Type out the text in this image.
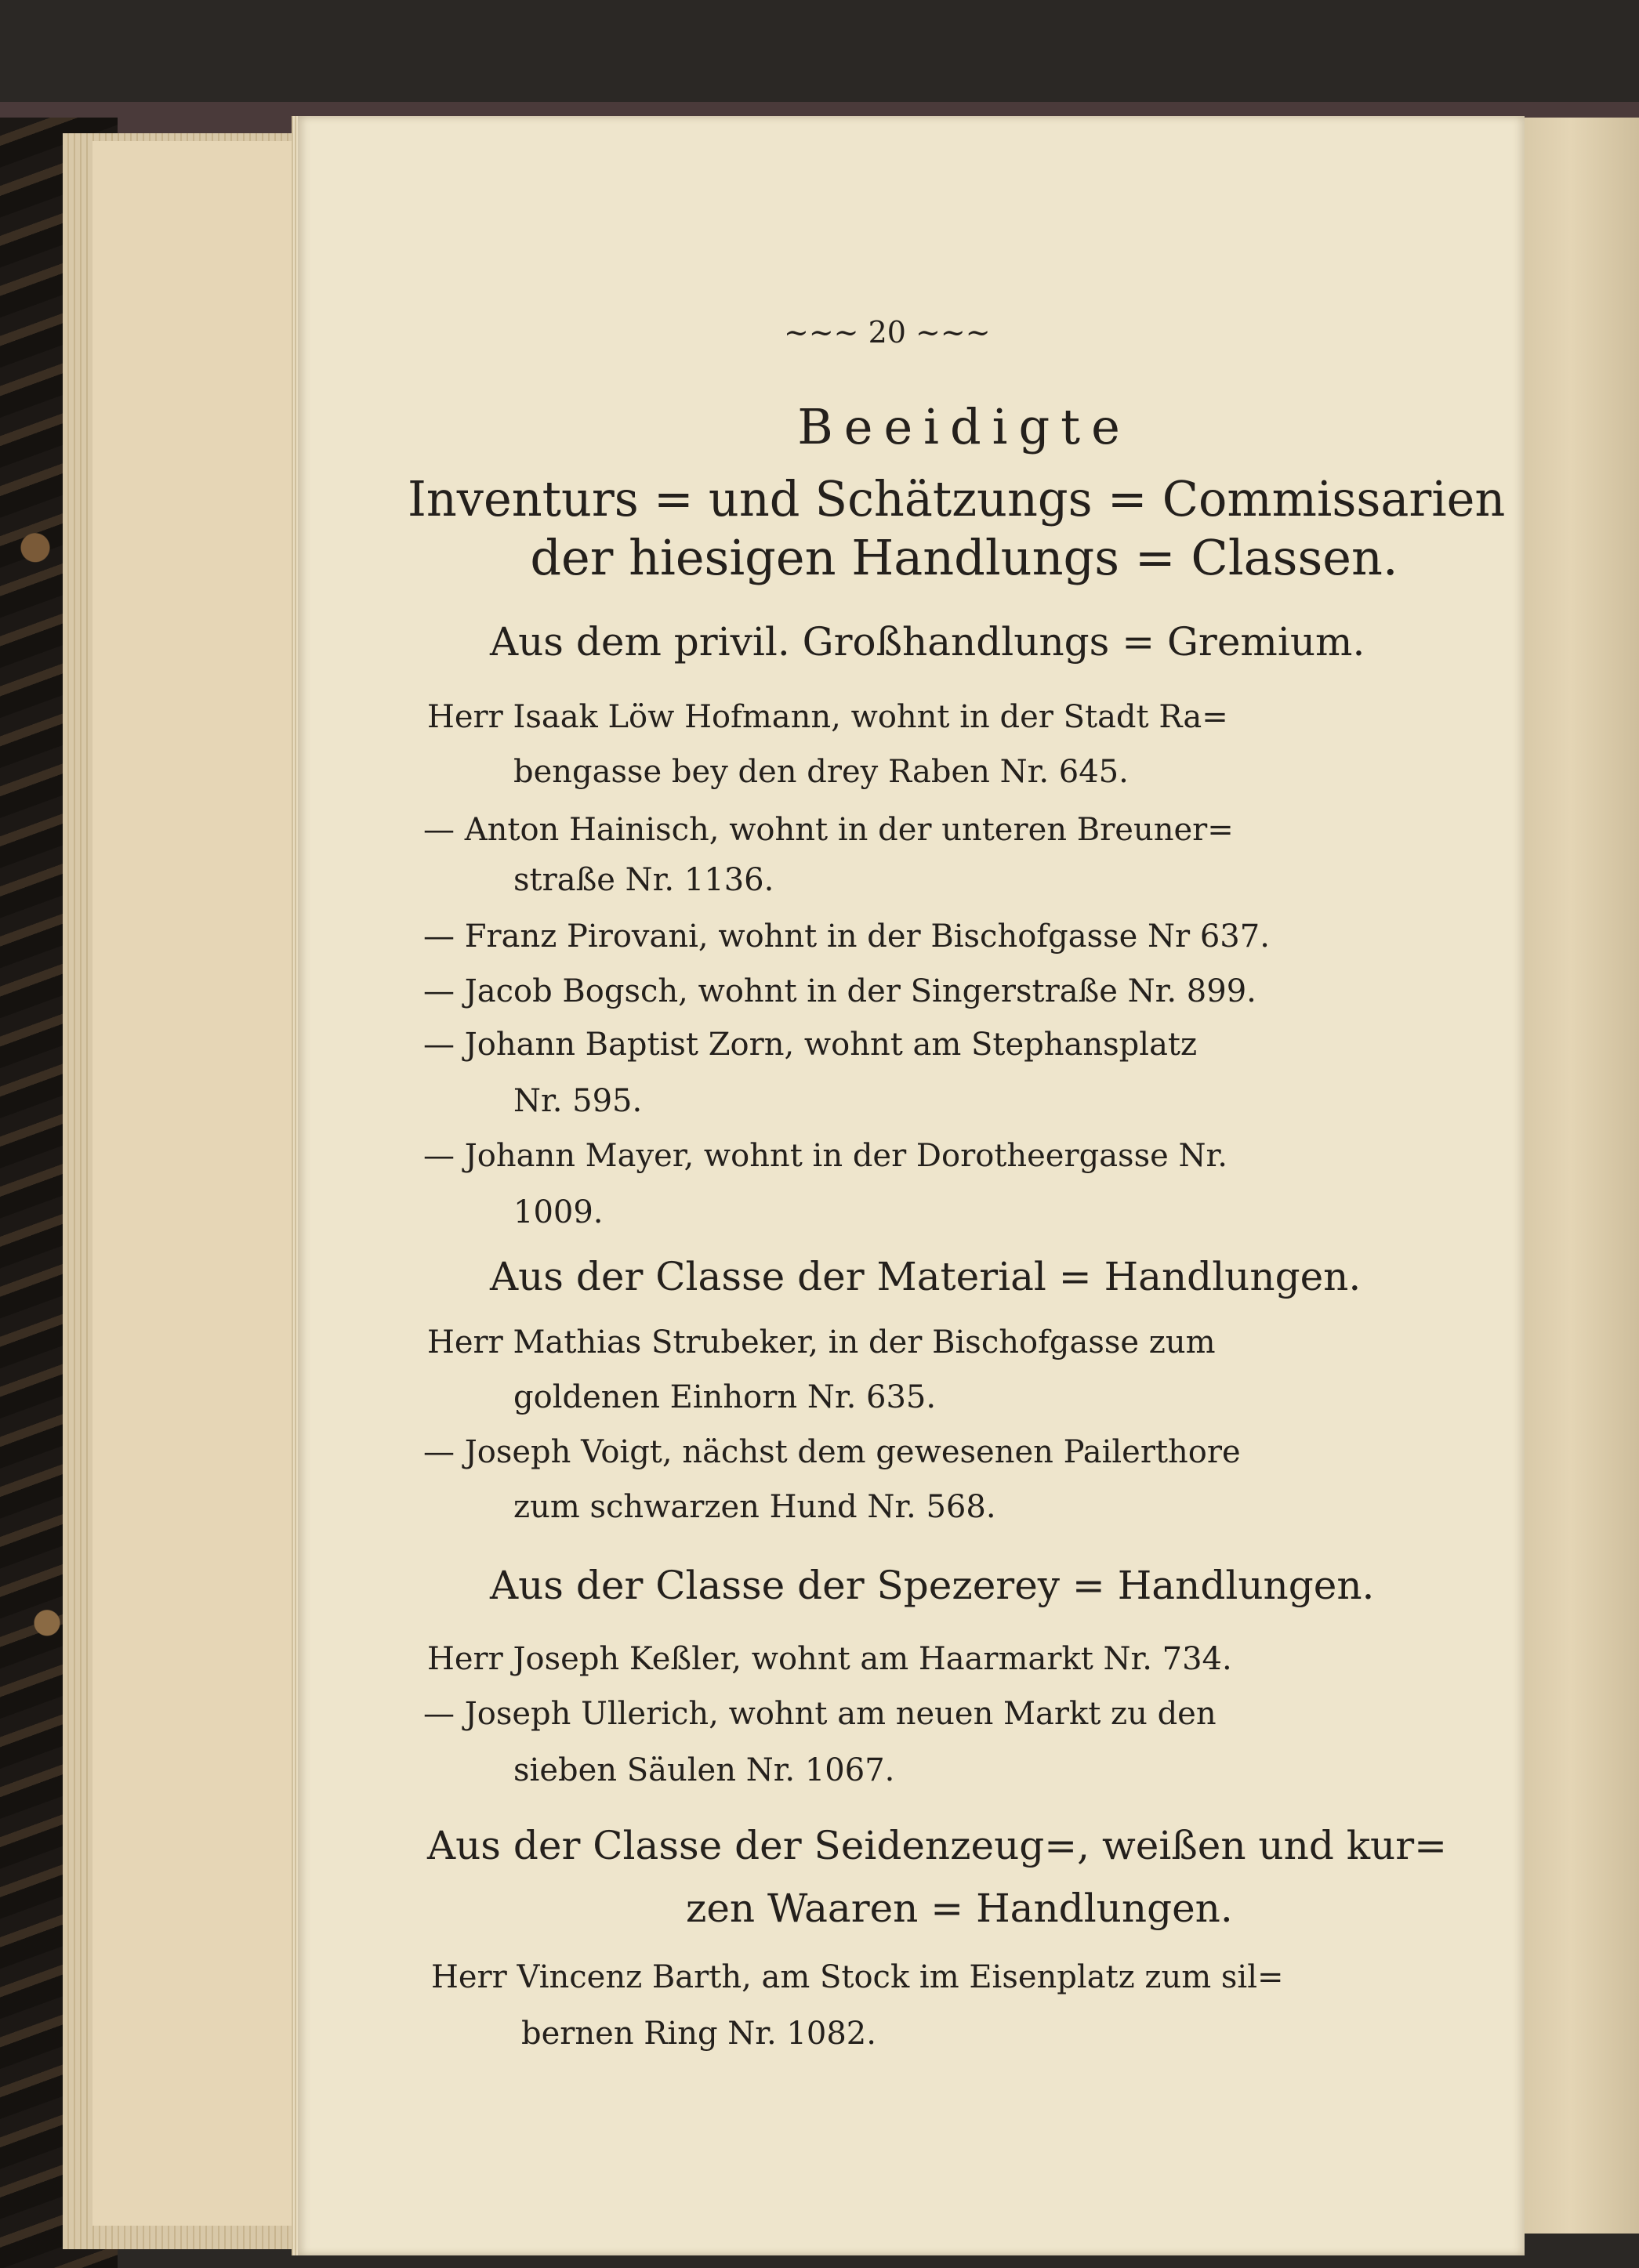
~~~ 20 ~~~
Beeidigte
Inventurs = und Schätzungs = Commissarien
der hiesigen Handlungs = Classen.
Aus dem privil. Großhandlungs = Gremium.
Herr Isaak Löw Hofmann, wohnt in der Stadt Ra=
bengasse bey den drey Raben Nr. 645.
— Anton Hainisch, wohnt in der unteren Breuner=
straße Nr. 1136.
— Franz Pirovani, wohnt in der Bischofgasse Nr 637.
— Jacob Bogsch, wohnt in der Singerstraße Nr. 899.
— Johann Baptist Zorn, wohnt am Stephansplatz
Nr. 595.
— Johann Mayer, wohnt in der Dorotheergasse Nr.
1009.
Aus der Classe der Material = Handlungen.
Herr Mathias Strubeker, in der Bischofgasse zum
goldenen Einhorn Nr. 635.
— Joseph Voigt, nächst dem gewesenen Pailerthore
zum schwarzen Hund Nr. 568.
Aus der Classe der Spezerey = Handlungen.
Herr Joseph Keßler, wohnt am Haarmarkt Nr. 734.
— Joseph Ullerich, wohnt am neuen Markt zu den
sieben Säulen Nr. 1067.
Aus der Classe der Seidenzeug=, weißen und kur=
zen Waaren = Handlungen.
Herr Vincenz Barth, am Stock im Eisenplatz zum sil=
bernen Ring Nr. 1082.
